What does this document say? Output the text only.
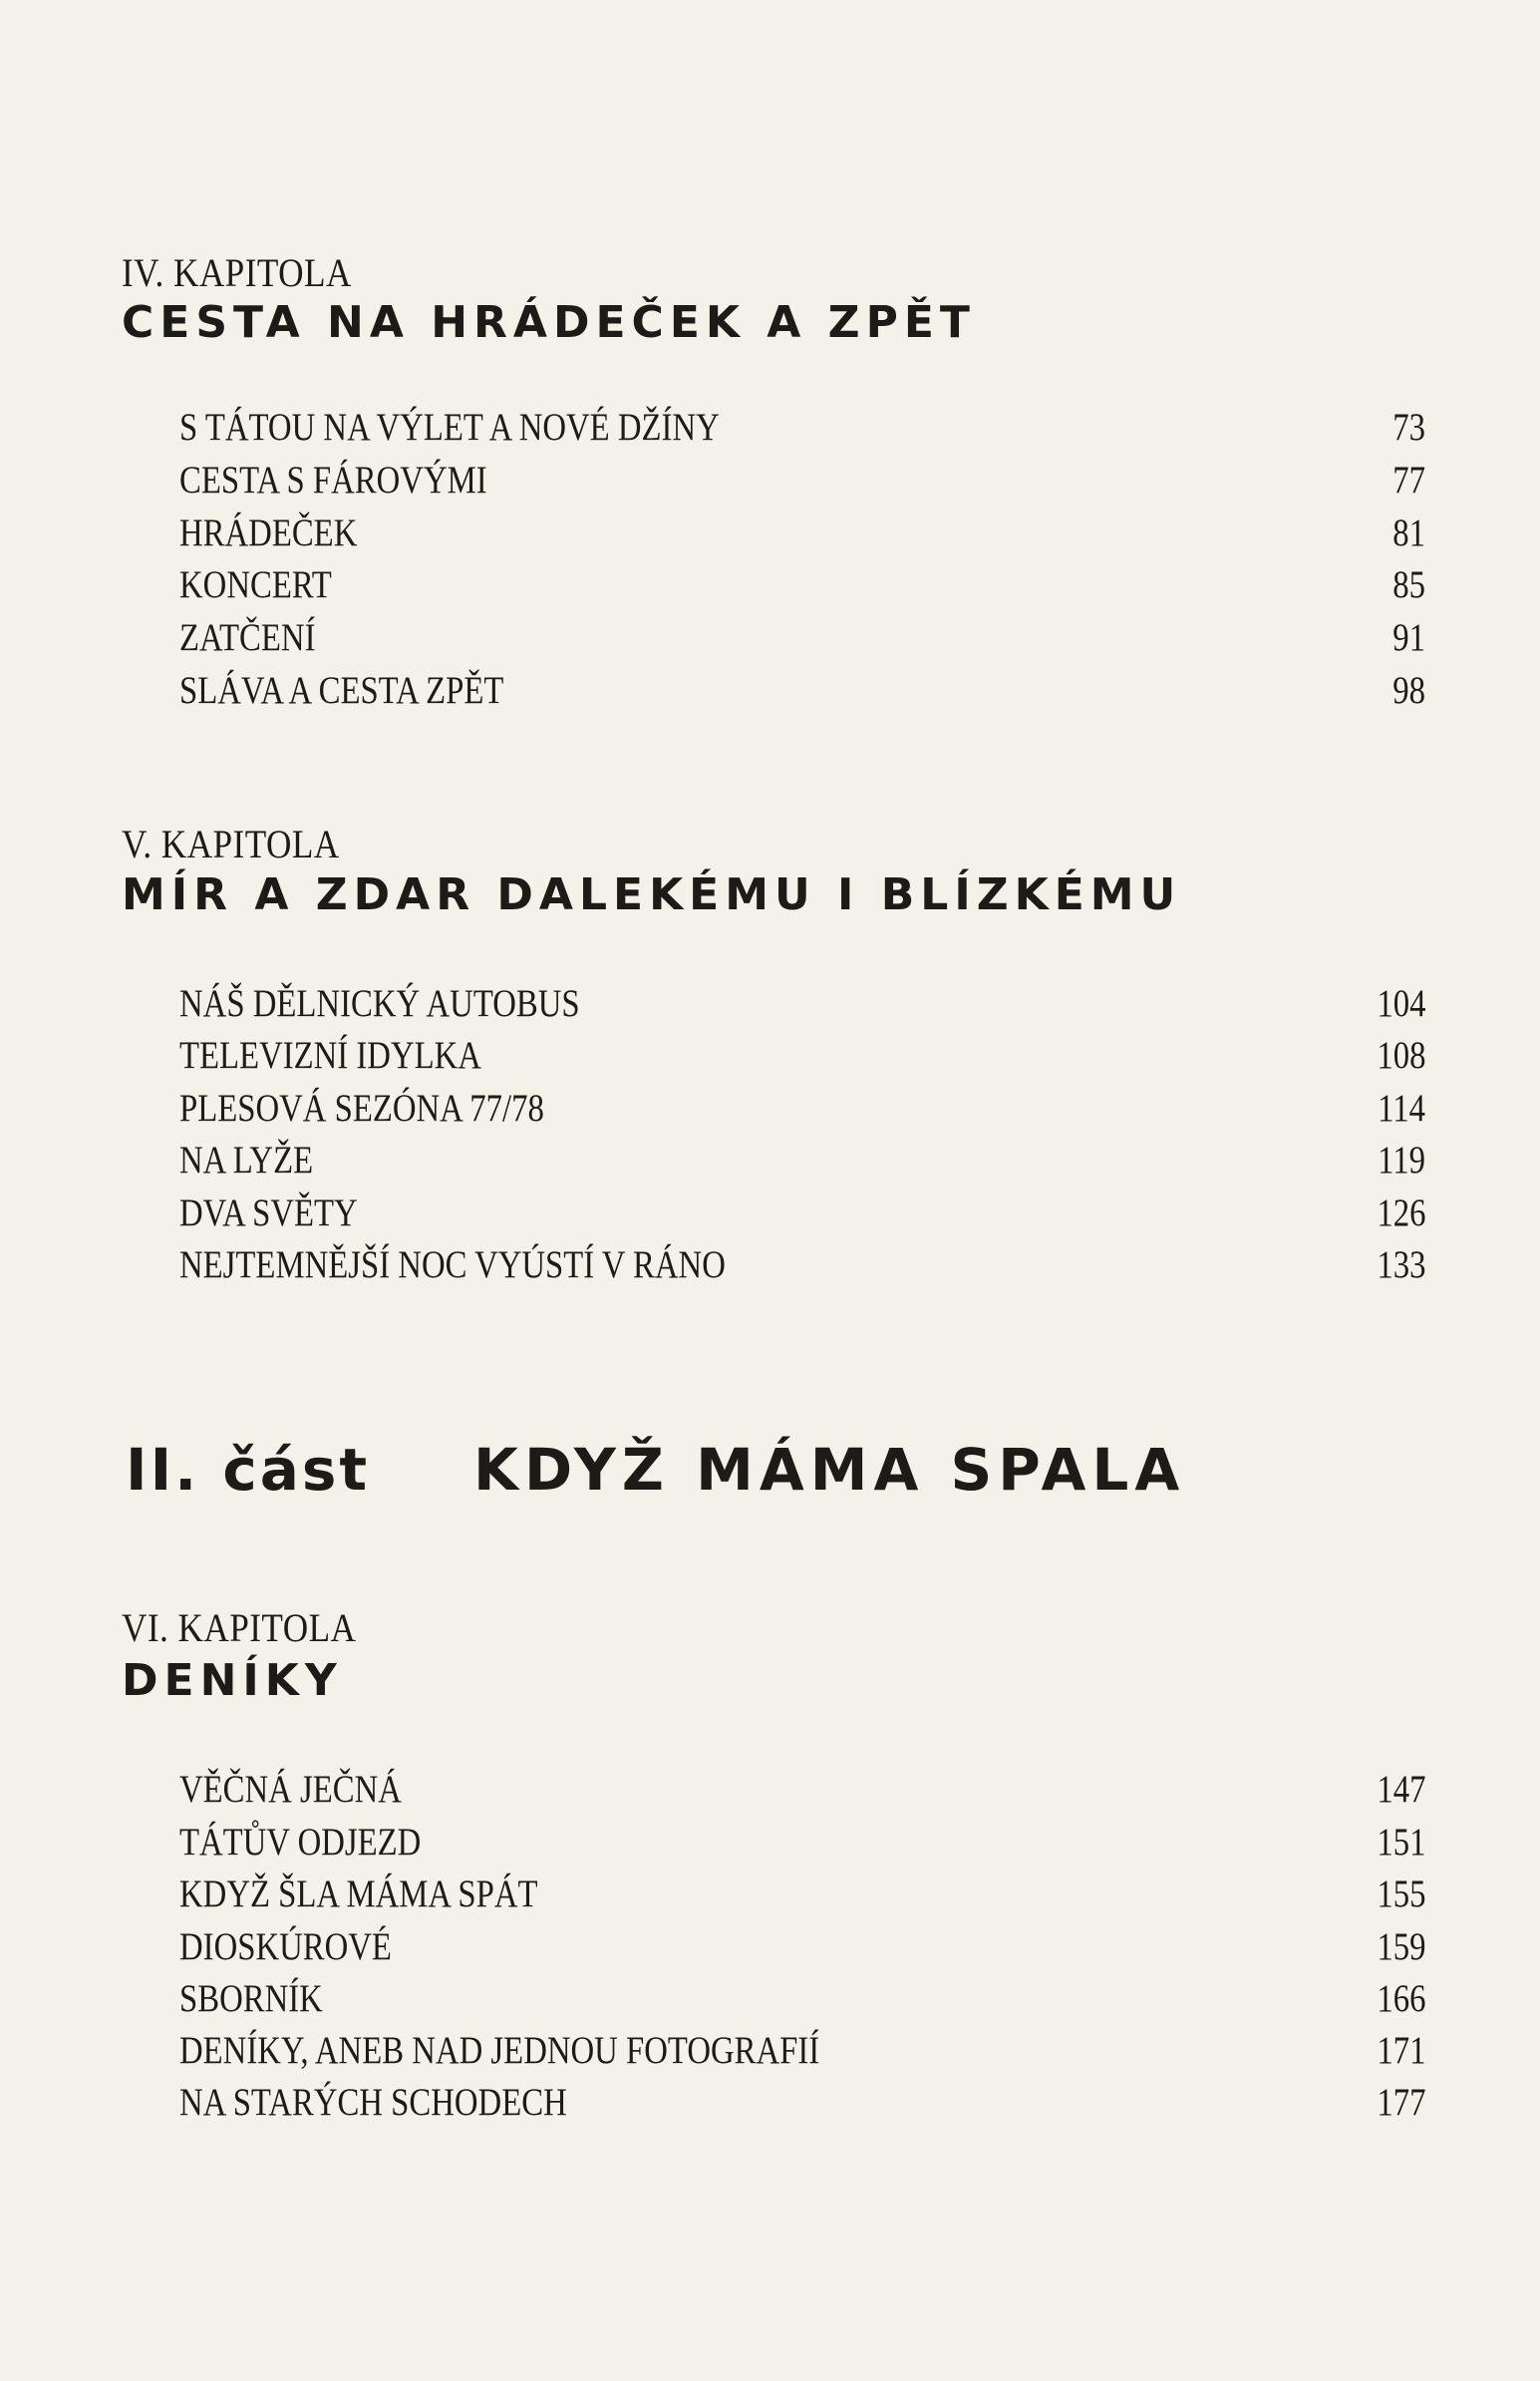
IV. KAPITOLA
CESTA NA HRÁDEČEK A ZPĚT
S TÁTOU NA VÝLET A NOVÉ DŽÍNY	73
CESTA S FÁROVÝMI	77
HRÁDEČEK	81
KONCERT	85
ZATČENÍ	91
SLÁVA A CESTA ZPĚT	98
V. KAPITOLA
MÍR A ZDAR DALEKÉMU I BLÍZKÉMU
NÁŠ DĚLNICKÝ AUTOBUS	104
TELEVIZNÍ IDYLKA	108
PLESOVÁ SEZÓNA 77/78	114
NA LYŽE	119
DVA SVĚTY	126
NEJTEMNĚJŠÍ NOC VYÚSTÍ V RÁNO	133
II. část KDYŽ MÁMA SPALA
VI. KAPITOLA
DENÍKY
VĚČNÁ JEČNÁ	147
TÁTŮV ODJEZD	151
KDYŽ ŠLA MÁMA SPÁT	155
DIOSKÚROVÉ	159
SBORNÍK	166
DENÍKY, ANEB NAD JEDNOU FOTOGRAFIÍ	171
NA STARÝCH SCHODECH	177
